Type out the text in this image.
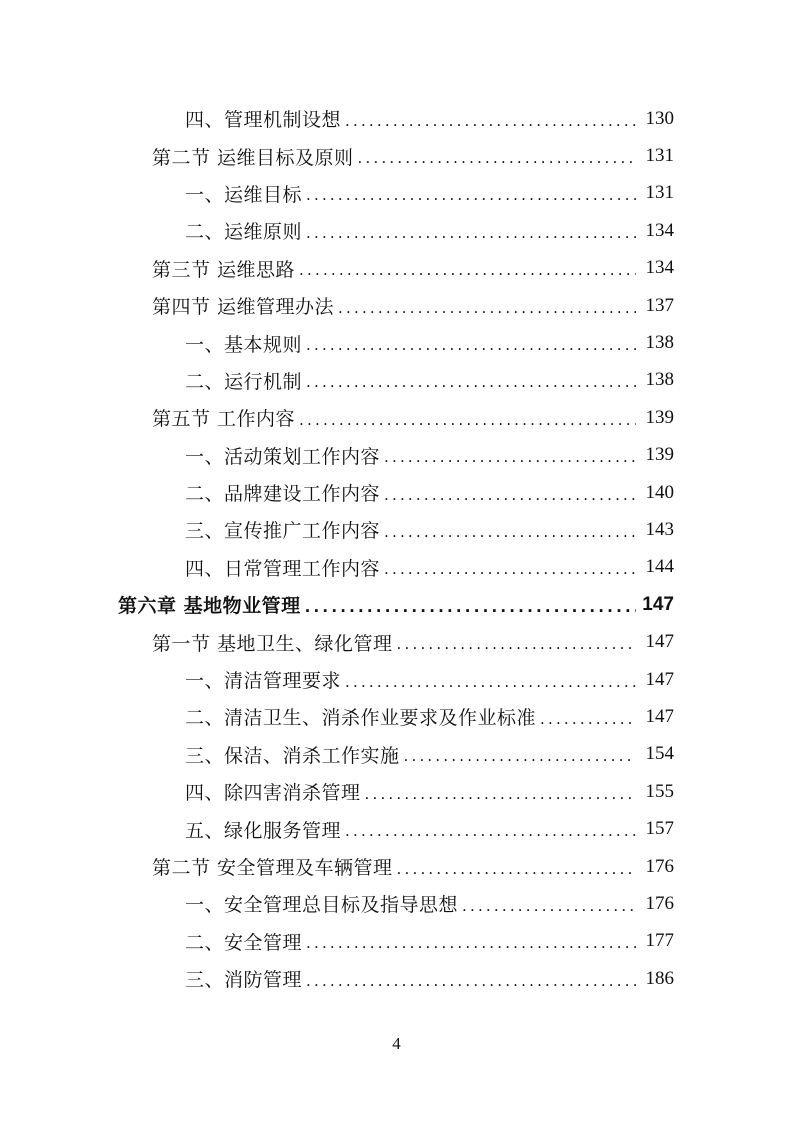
四、管理机制设想 .....	130
第二节 运维目标及原则 .....	131
一、运维目标 .....	131
二、运维原则 .....	134
第三节 运维思路 .....	134
第四节 运维管理办法 .....	137
一、基本规则 .....	138
二、运行机制 .....	138
第五节 工作内容 .....	139
一、活动策划工作内容 .....	139
二、品牌建设工作内容 .....	140
三、宣传推广工作内容 .....	143
四、日常管理工作内容 .....	144
第六章 基地物业管理 .....	147
第一节 基地卫生、绿化管理 .....	147
一、清洁管理要求 .....	147
二、清洁卫生、消杀作业要求及作业标准 .....	147
三、保洁、消杀工作实施 .....	154
四、除四害消杀管理 .....	155
五、绿化服务管理 .....	157
第二节 安全管理及车辆管理 .....	176
一、安全管理总目标及指导思想 .....	176
二、安全管理 .....	177
三、消防管理 .....	186
4
